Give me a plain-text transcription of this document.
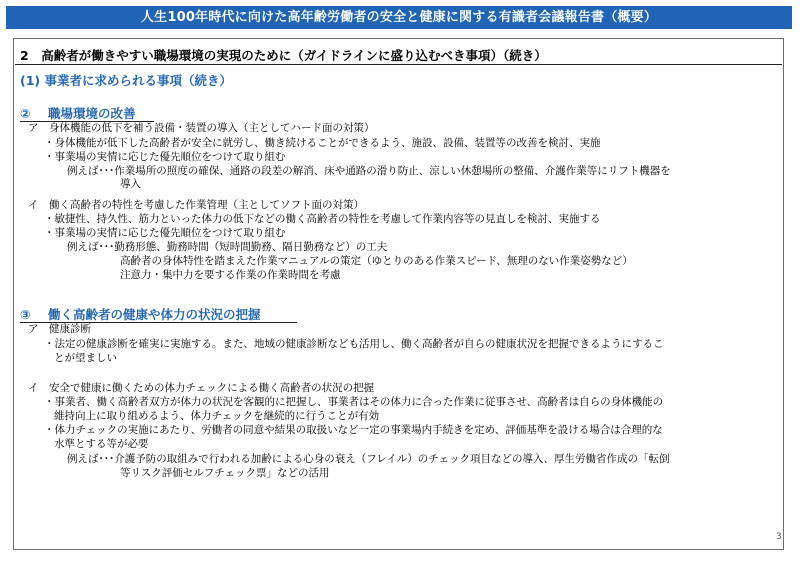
人生100年時代に向けた高年齢労働者の安全と健康に関する有識者会議報告書（概要）
2　高齢者が働きやすい職場環境の実現のために（ガイドラインに盛り込むべき事項）（続き）
(1) 事業者に求められる事項（続き）
② 職場環境の改善
ア　身体機能の低下を補う設備・装置の導入（主としてハード面の対策）
・身体機能が低下した高齢者が安全に就労し、働き続けることができるよう、施設、設備、装置等の改善を検討、実施
・事業場の実情に応じた優先順位をつけて取り組む
例えば･･･作業場所の照度の確保、通路の段差の解消、床や通路の滑り防止、涼しい休憩場所の整備、介護作業等にリフト機器を
導入
イ　働く高齢者の特性を考慮した作業管理（主としてソフト面の対策）
・敏捷性、持久性、筋力といった体力の低下などの働く高齢者の特性を考慮して作業内容等の見直しを検討、実施する
・事業場の実情に応じた優先順位をつけて取り組む
例えば･･･勤務形態、勤務時間（短時間勤務、隔日勤務など）の工夫
高齢者の身体特性を踏まえた作業マニュアルの策定（ゆとりのある作業スピード、無理のない作業姿勢など）
注意力・集中力を要する作業の作業時間を考慮
③ 働く高齢者の健康や体力の状況の把握
ア　健康診断
・法定の健康診断を確実に実施する。また、地域の健康診断なども活用し、働く高齢者が自らの健康状況を把握できるようにするこ
とが望ましい
イ　安全で健康に働くための体力チェックによる働く高齢者の状況の把握
・事業者、働く高齢者双方が体力の状況を客観的に把握し、事業者はその体力に合った作業に従事させ、高齢者は自らの身体機能の
維持向上に取り組めるよう、体力チェックを継続的に行うことが有効
・体力チェックの実施にあたり、労働者の同意や結果の取扱いなど一定の事業場内手続きを定め、評価基準を設ける場合は合理的な
水準とする等が必要
例えば･･･介護予防の取組みで行われる加齢による心身の衰え（フレイル）のチェック項目などの導入、厚生労働省作成の「転倒
等リスク評価セルフチェック票」などの活用
3
